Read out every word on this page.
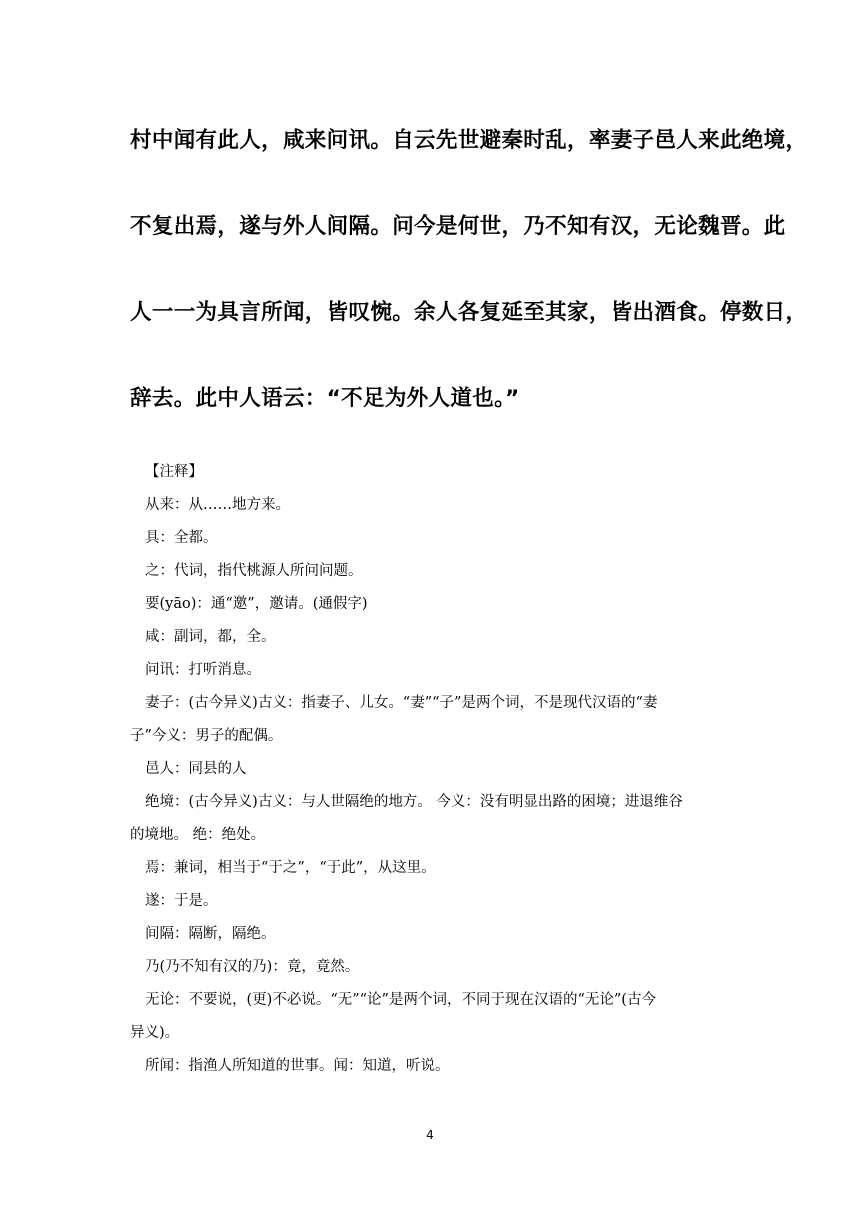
村中闻有此人，咸来问讯。自云先世避秦时乱，率妻子邑人来此绝境，
不复出焉，遂与外人间隔。问今是何世，乃不知有汉，无论魏晋。此
人一一为具言所闻，皆叹惋。余人各复延至其家，皆出酒食。停数日，
辞去。此中人语云：“不足为外人道也。”
【注释】
从来：从……地方来。
具：全都。
之：代词，指代桃源人所问问题。
要(yāo)：通“邀”，邀请。(通假字)
咸：副词，都，全。
问讯：打听消息。
妻子：(古今异义)古义：指妻子、儿女。“妻”“子”是两个词，不是现代汉语的“妻
子”今义：男子的配偶。
邑人：同县的人
绝境：(古今异义)古义：与人世隔绝的地方。 今义：没有明显出路的困境；进退维谷
的境地。 绝：绝处。
焉：兼词，相当于“于之”，“于此”，从这里。
遂：于是。
间隔：隔断，隔绝。
乃(乃不知有汉的乃)：竟，竟然。
无论：不要说，(更)不必说。“无”“论”是两个词，不同于现在汉语的“无论”(古今
异义)。
所闻：指渔人所知道的世事。闻：知道，听说。
4
